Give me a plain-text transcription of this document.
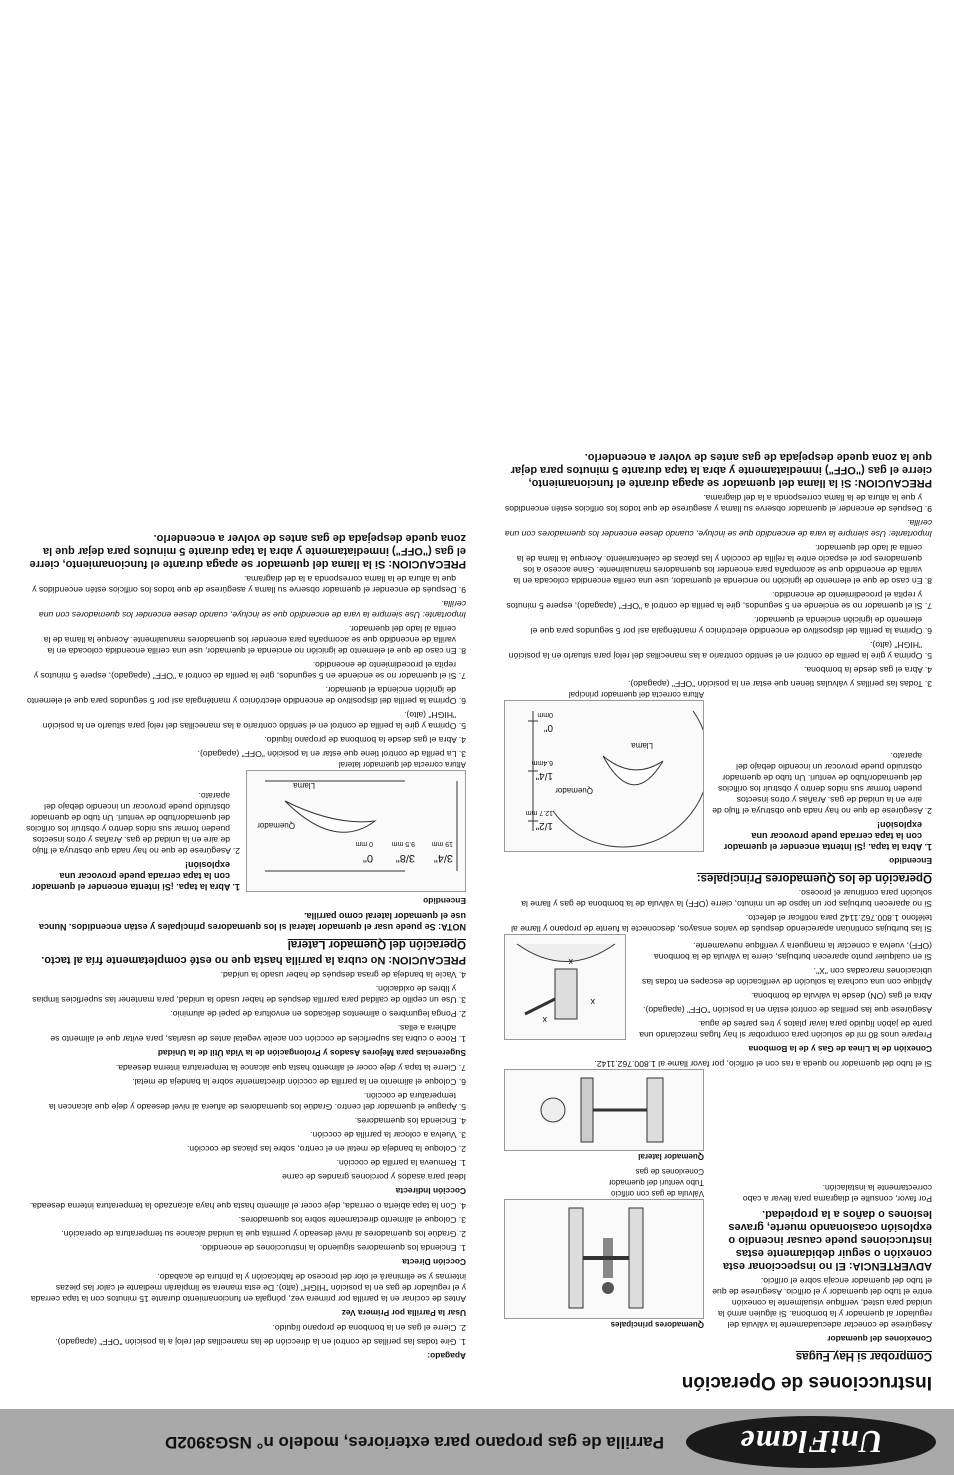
UniFlame
Parrilla de gas propano para exteriores, modelo n° NSG3902D
Instrucciones de Operación
Comprobar si Hay Fugas
Conexiones del quemador

Asegúrese de conectar adecuadamente la válvula del regulador al quemador y la bombona. Si alguien armó la unidad para usted, verifique visualmente la conexión entre el tubo del quemador y el orificio. Asegúrese de que el tubo del quemador encaja sobre el orificio.

ADVERTENCIA: El no inspeccionar esta conexión o seguir debidamente estas instrucciones puede causar incendio o explosión ocasionando muerte, graves lesiones o daños a la propiedad.

Por favor, consulte el diagrama para llevar a cabo correctamente la instalación.

Quemadores principales
Válvula de gas con orificio
Tubo venturi del quemador
Conexiones de gas
Quemador lateral

Si el tubo del quemador no queda a ras con el orificio, por favor llame al 1.800.762.1142.

Conexión de la Línea de Gas y de la Bombona

Prepare unos 80 ml de solución para comprobar si hay fugas mezclando una parte de jabón líquido para lavar platos y tres partes de agua.

Asegúrese que las perillas de control están en la posición "OFF" (apagado).

Abra el gas (ON) desde la válvula de bombona.

Aplique con una cuchara la solución de verificación de escapes en todas las ubicaciones marcadas con "X".

Si en cualquier punto aparecen burbujas, cierre la válvula de la bombona (OFF), vuelva a conectar la manguera y verifique nuevamente.

x
x
x

Si las burbujas continúan apareciendo después de varios ensayos, desconecte la fuente de propano y llame al teléfono 1.800.762.1142 para notificar el defecto.

Si no aparecen burbujas por un lapso de un minuto, cierre (OFF) la válvula de la bombona de gas y llame la solución para continuar el proceso.

Operación de los Quemadores Principales:
Encendido

1. Abra la tapa. ¡Si intenta encender el quemador con la tapa cerrada puede provocar una explosión!

2. Asegúrese de que no hay nada que obstruya el flujo de aire en la unidad de gas. Arañas y otros insectos pueden formar sus nidos dentro y obstruir los orificios del quemador/tubo de venturi. Un tubo de quemador obstruido puede provocar un incendio debajo del aparato.

Llama
Quemador
1/2"
12.7 mm
1/4"
6.4mm
0"
0mm
Altura correcta del quemador principal

3. Todas las perillas y válvulas tienen que estar en la posición "OFF" (apagado).

4. Abra el gas desde la bombona.

5. Oprima y gire la perilla de control en el sentido contrario a las manecillas del reloj para situarlo en la posición "HIGH" (alto).

6. Oprima la perilla del dispositivo de encendido electrónico y manténgala así por 5 segundos para que el elemento de ignición encienda el quemador.

7. Si el quemador no se enciende en 5 segundos, gire la perilla de control a "OFF" (apagado), espere 5 minutos y repita el procedimiento de encendido.

8. En caso de que el elemento de ignición no encienda el quemador, use una cerilla encendida colocada en la varilla de encendido que se acompaña para encender los quemadores manualmente. Gane acceso a los quemadores por el espacio entre la rejilla de cocción y las placas de calentamiento. Acerque la llama de la cerilla al lado del quemador.

Importante: Use siempre la vara de encendido que se incluye, cuando desee encender los quemadores con una cerilla.

9. Después de encender el quemador observe su llama y asegúrese de que todos los orificios estén encendidos y que la altura de la llama corresponda a la del diagrama.

PRECAUCION: Si la llama del quemador se apaga durante el funcionamiento, cierre el gas ("OFF") inmediatamente y abra la tapa durante 5 minutos para dejar que la zona quede despejada de gas antes de volver a encenderlo.

Apagado:

1. Gire todas las perillas de control en la dirección de las manecillas del reloj a la posición "OFF" (apagado).

2. Cierre el gas en la bombona de propano líquido.

Usar la Parrilla por Primera Vez

Antes de cocinar en la parrilla por primera vez, póngala en funcionamiento durante 15 minutos con la tapa cerrada y el regulador de gas en la posición "HIGH" (alto). De esta manera se limpiarán mediante el calor las piezas internas y se eliminará el olor del proceso de fabricación y la pintura de acabado.

Cocción Directa

1. Encienda los quemadores siguiendo la instrucciones de encendido.

2. Gradúe los quemadores al nivel deseado y permita que la unidad alcance su temperatura de operación.

3. Coloque el alimento directamente sobre los quemadores.

4. Con la tapa abierta o cerrada, deje cocer el alimento hasta que haya alcanzado la temperatura interna deseada.

Cocción Indirecta

Ideal para asados y porciones grandes de carne

1. Remueva la parrilla de cocción.

2. Coloque la bandeja de metal en el centro, sobre las placas de cocción.

3. Vuelva a colocar la parrilla de cocción.

4. Encienda los quemadores.

5. Apague el quemador del centro. Gradúe los quemadores de afuera al nivel deseado y deje que alcancen la temperatura de cocción.

6. Coloque el alimento en la parrilla de cocción directamente sobre la bandeja de metal.

7. Cierre la tapa y deje cocer el alimento hasta que alcance la temperatura interna deseada.

Sugerencias para Mejores Asados y Prolongación de la Vida Útil de la Unidad

1. Roce o cubra las superficies de cocción con aceite vegetal antes de usarlas, para evitar que el alimento se adhiera a ellas.

2. Ponga legumbres o alimentos delicados en envoltura de papel de aluminio.

3. Use un cepillo de calidad para parrilla después de haber usado la unidad, para mantener las superficies limpias y libres de oxidación.

4. Vacíe la bandeja de grasa después de haber usado la unidad.

PRECAUCION: No cubra la parrilla hasta que no esté completamente fría al tacto.

Operación del Quemador Lateral

NOTA: Se puede usar el quemador lateral si los quemadores principales y están encendidos. Nunca use el quemador lateral como parrilla.

Encendido
3/4"
19 mm
3/8"
9.5 mm
0"
0 mm
Llama
Quemador
Altura correcta del quemador lateral

1. Abra la tapa. ¡Si intenta encender el quemador con la tapa cerrada puede provocar una explosión!

2. Asegúrese de que no hay nada que obstruya el flujo de aire en la unidad de gas. Arañas y otros insectos pueden formar sus nidos dentro y obstruir los orificios del quemador/tubo de venturi. Un tubo de quemador obstruido puede provocar un incendio debajo del aparato.

3. La perilla de control tiene que estar en la posición "OFF" (apagado).

4. Abra el gas desde la bombona de propano líquido.

5. Oprima y gire la perilla de control en el sentido contrario a las manecillas del reloj para situarlo en la posición "HIGH" (alto).

6. Oprima la perilla del dispositivo de encendido electrónico y manténgala así por 5 segundos para que el elemento de ignición encienda el quemador.

7. Si el quemador no se enciende en 5 segundos, gire la perilla de control a "OFF" (apagado), espere 5 minutos y repita el procedimiento de encendido.

8. En caso de que el elemento de ignición no encienda el quemador, use una cerilla encendida colocada en la varilla de encendido que se acompaña para encender los quemadores manualmente. Acerque la llama de la cerilla al lado del quemador.

Importante: Use siempre la vara de encendido que se incluye, cuando desee encender los quemadores con una cerilla.

9. Después de encender el quemador observe su llama y asegúrese de que todos los orificios estén encendidos y que la altura de la llama corresponda a la del diagrama.

PRECAUCION: Si la llama del quemador se apaga durante el funcionamiento, cierre el gas ("OFF") inmediatamente y abra la tapa durante 5 minutos para dejar que la zona quede despejada de gas antes de volver a encenderlo.
